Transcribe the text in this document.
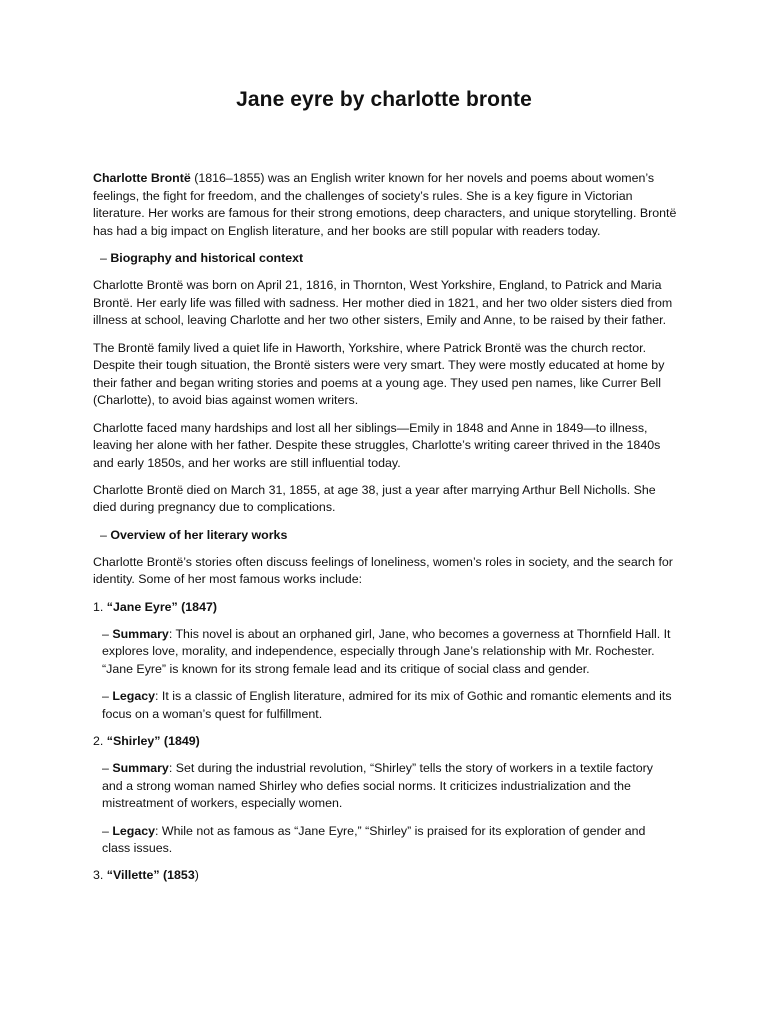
Jane eyre by charlotte bronte

Charlotte Brontë (1816–1855) was an English writer known for her novels and poems about women’s feelings, the fight for freedom, and the challenges of society’s rules. She is a key figure in Victorian literature. Her works are famous for their strong emotions, deep characters, and unique storytelling. Brontë has had a big impact on English literature, and her books are still popular with readers today.

– Biography and historical context

Charlotte Brontë was born on April 21, 1816, in Thornton, West Yorkshire, England, to Patrick and Maria Brontë. Her early life was filled with sadness. Her mother died in 1821, and her two older sisters died from illness at school, leaving Charlotte and her two other sisters, Emily and Anne, to be raised by their father.

The Brontë family lived a quiet life in Haworth, Yorkshire, where Patrick Brontë was the church rector. Despite their tough situation, the Brontë sisters were very smart. They were mostly educated at home by their father and began writing stories and poems at a young age. They used pen names, like Currer Bell (Charlotte), to avoid bias against women writers.

Charlotte faced many hardships and lost all her siblings—Emily in 1848 and Anne in 1849—to illness, leaving her alone with her father. Despite these struggles, Charlotte’s writing career thrived in the 1840s and early 1850s, and her works are still influential today.

Charlotte Brontë died on March 31, 1855, at age 38, just a year after marrying Arthur Bell Nicholls. She died during pregnancy due to complications.

– Overview of her literary works

Charlotte Brontë’s stories often discuss feelings of loneliness, women’s roles in society, and the search for identity. Some of her most famous works include:

1. “Jane Eyre” (1847)

– Summary: This novel is about an orphaned girl, Jane, who becomes a governess at Thornfield Hall. It explores love, morality, and independence, especially through Jane’s relationship with Mr. Rochester. “Jane Eyre” is known for its strong female lead and its critique of social class and gender.

– Legacy: It is a classic of English literature, admired for its mix of Gothic and romantic elements and its focus on a woman’s quest for fulfillment.

2. “Shirley” (1849)

– Summary: Set during the industrial revolution, “Shirley” tells the story of workers in a textile factory and a strong woman named Shirley who defies social norms. It criticizes industrialization and the mistreatment of workers, especially women.

– Legacy: While not as famous as “Jane Eyre,” “Shirley” is praised for its exploration of gender and class issues.

3. “Villette” (1853)
